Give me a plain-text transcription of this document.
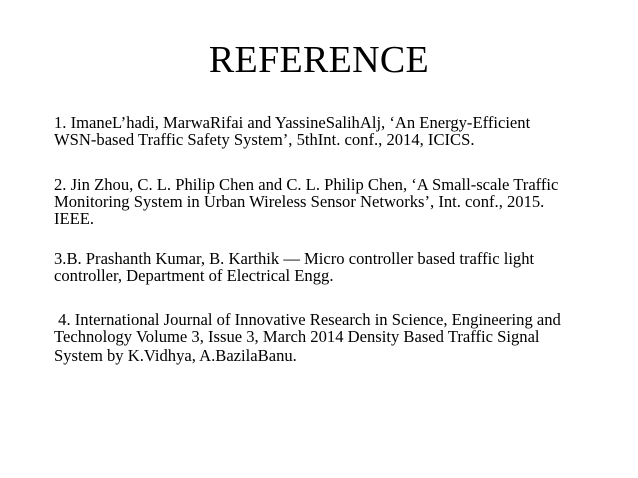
REFERENCE

1. ImaneL’hadi, MarwaRifai and YassineSalihAlj, ‘An Energy-Efficient
WSN-based Traffic Safety System’, 5thInt. conf., 2014, ICICS.

2. Jin Zhou, C. L. Philip Chen and C. L. Philip Chen, ‘A Small-scale Traffic
Monitoring System in Urban Wireless Sensor Networks’, Int. conf., 2015.
IEEE.

3.B. Prashanth Kumar, B. Karthik ― Micro controller based traffic light
controller, Department of Electrical Engg.

4. International Journal of Innovative Research in Science, Engineering and
Technology Volume 3, Issue 3, March 2014 Density Based Traffic Signal
System by K.Vidhya, A.BazilaBanu.
